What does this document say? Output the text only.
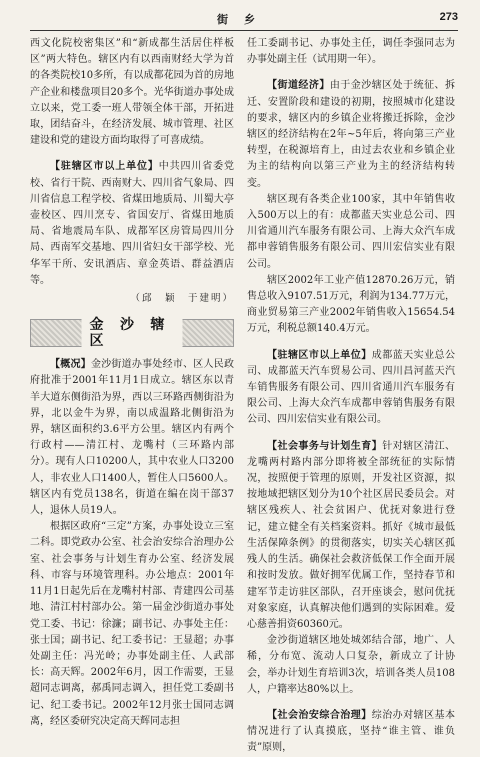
街乡	273

西文化院校密集区”和“新成都生活居住样板区”两大特色。辖区内有以西南财经大学为首的各类院校10多所，有以成都花园为首的房地产企业和楼盘项目20多个。光华街道办事处成立以来，党工委一班人带领全体干部，开拓进取，团结奋斗，在经济发展、城市管理、社区建设和党的建设方面均取得了可喜成绩。

【驻辖区市以上单位】中共四川省委党校、省行干院、西南财大、四川省气象局、四川省信息工程学校、省煤田地质局、川蜀大亭壶校区、四川烹专、省国安厅、省煤田地质局、省地震局车队、成都军区房管局四川分局、西南军交基地、四川省妇女干部学校、光华军干所、安讯酒店、章金英语、群益酒店等。

（邱　颖　于建明）
金沙辖区

【概况】金沙街道办事处经市、区人民政府批准于2001年11月1日成立。辖区东以青羊大道东侧街沿为界，西以三环路西侧街沿为界，北以金牛为界，南以成温路北侧街沿为界，辖区面积约3.6平方公里。辖区内有两个行政村——清江村、龙嘴村（三环路内部分）。现有人口10200人，其中农业人口3200人，非农业人口1400人，暂住人口5600人。辖区内有党员138名，街道在编在岗干部37人，退休人员19人。

根据区政府“三定”方案，办事处设立三室二科。即党政办公室、社会治安综合治理办公室、社会事务与计划生育办公室、经济发展科、市容与环境管理科。办公地点：2001年11月1日起先后在龙嘴村村部、青建四公司基地、清江村村部办公。第一届金沙街道办事处党工委、书记：徐濂；副书记、办事处主任：张士国；副书记、纪工委书记：王显超；办事处副主任：冯光岭；办事处副主任、人武部长：高天辉。2002年6月，因工作需要，王显超同志调离，郝禹同志调入，担任党工委副书记、纪工委书记。2002年12月张士国同志调离，经区委研究决定高天辉同志担

任工委副书记、办事处主任，调任李强同志为办事处副主任（试用期一年）。

【街道经济】由于金沙辖区处于统征、拆迁、安置阶段和建设的初期，按照城市化建设的要求，辖区内的乡镇企业将搬迁拆除，金沙辖区的经济结构在2年~5年后，将向第三产业转型，在税源培育上，由过去农业和乡镇企业为主的结构向以第三产业为主的经济结构转变。

辖区现有各类企业100家，其中年销售收入500万以上的有：成都蓝天实业总公司、四川省通川汽车服务有限公司、上海大众汽车成都申蓉销售服务有限公司、四川宏信实业有限公司。

辖区2002年工业产值12870.26万元，销售总收入9107.51万元，利润为134.77万元，商业贸易第三产业2002年销售收入15654.54万元，利税总额140.4万元。

【驻辖区市以上单位】成都蓝天实业总公司、成都蓝天汽车贸易公司、四川昌河蓝天汽车销售服务有限公司、四川省通川汽车服务有限公司、上海大众汽车成都申蓉销售服务有限公司、四川宏信实业有限公司。

【社会事务与计划生育】针对辖区清江、龙嘴两村路内部分即将被全部统征的实际情况，按照便于管理的原则，开发社区资源，拟按地域把辖区划分为10个社区居民委员会。对辖区残疾人、社会贫困户、优抚对象进行登记，建立健全有关档案资料。抓好《城市最低生活保障条例》的贯彻落实，切实关心辖区孤残人的生活。确保社会救济低保工作全面开展和按时发放。做好拥军优属工作，坚持春节和建军节走访驻区部队，召开座谈会，慰问优抚对象家庭，认真解决他们遇到的实际困难。爱心慈善捐资60360元。

金沙街道辖区地处城郊结合部，地广、人稀，分布宽、流动人口复杂，新成立了计协会，举办计划生育培训3次，培训各类人员108人，户籍率达80%以上。

【社会治安综合治理】综治办对辖区基本情况进行了认真摸底，坚持“谁主管、谁负责”原则，
